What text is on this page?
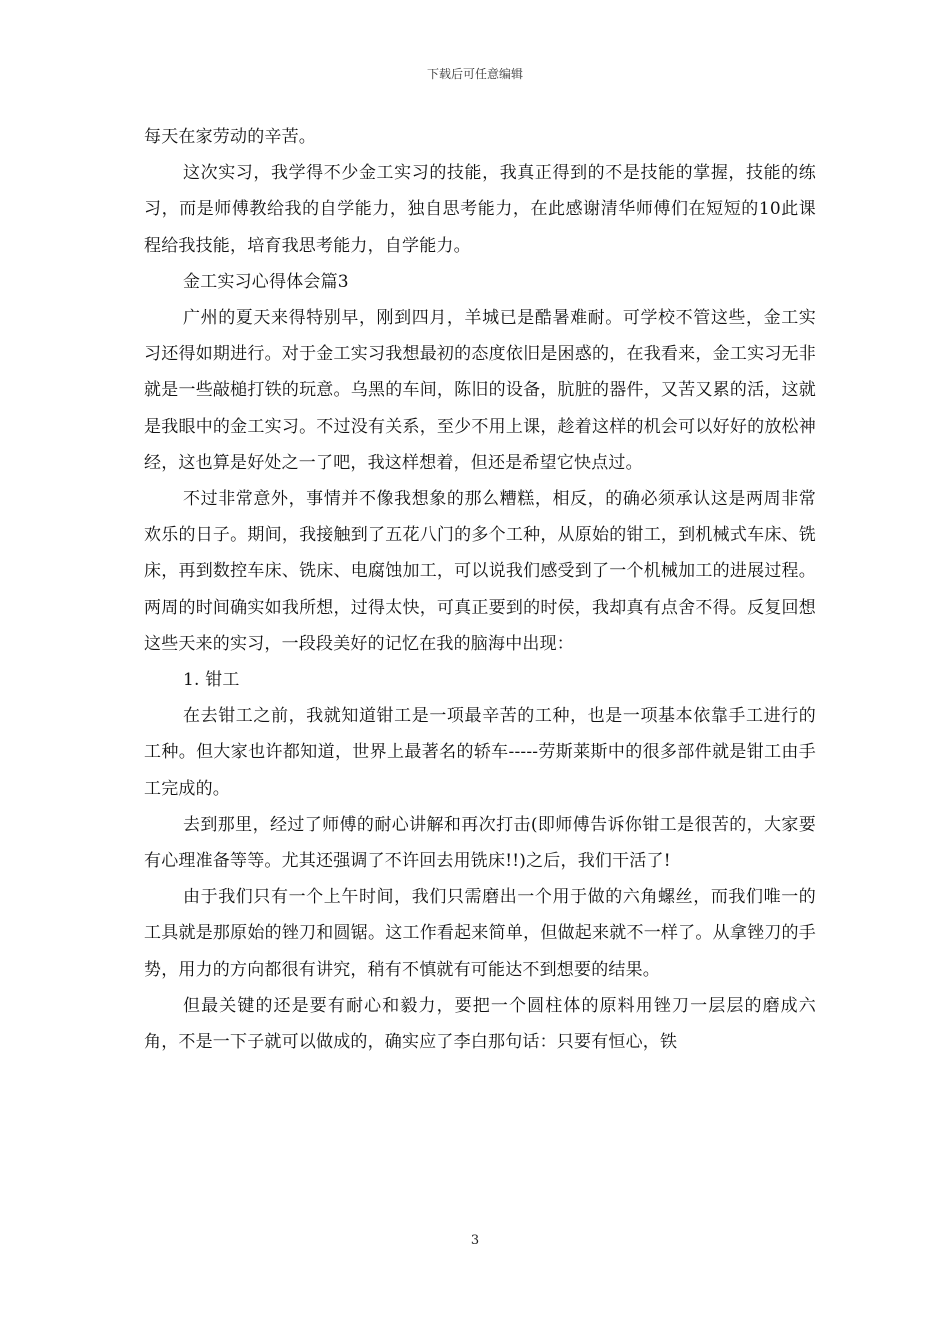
下载后可任意编辑

每天在家劳动的辛苦。

这次实习，我学得不少金工实习的技能，我真正得到的不是技能的掌握，技能的练习，而是师傅教给我的自学能力，独自思考能力，在此感谢清华师傅们在短短的10此课程给我技能，培育我思考能力，自学能力。

金工实习心得体会篇3

广州的夏天来得特别早，刚到四月，羊城已是酷暑难耐。可学校不管这些，金工实习还得如期进行。对于金工实习我想最初的态度依旧是困惑的，在我看来，金工实习无非就是一些敲槌打铁的玩意。乌黑的车间，陈旧的设备，肮脏的器件，又苦又累的活，这就是我眼中的金工实习。不过没有关系，至少不用上课，趁着这样的机会可以好好的放松神经，这也算是好处之一了吧，我这样想着，但还是希望它快点过。

不过非常意外，事情并不像我想象的那么糟糕，相反，的确必须承认这是两周非常欢乐的日子。期间，我接触到了五花八门的多个工种，从原始的钳工，到机械式车床、铣床，再到数控车床、铣床、电腐蚀加工，可以说我们感受到了一个机械加工的进展过程。两周的时间确实如我所想，过得太快，可真正要到的时侯，我却真有点舍不得。反复回想这些天来的实习，一段段美好的记忆在我的脑海中出现：

1. 钳工

在去钳工之前，我就知道钳工是一项最辛苦的工种，也是一项基本依靠手工进行的工种。但大家也许都知道，世界上最著名的轿车-----劳斯莱斯中的很多部件就是钳工由手工完成的。

去到那里，经过了师傅的耐心讲解和再次打击(即师傅告诉你钳工是很苦的，大家要有心理准备等等。尤其还强调了不许回去用铣床!!)之后，我们干活了!

由于我们只有一个上午时间，我们只需磨出一个用于做的六角螺丝，而我们唯一的工具就是那原始的锉刀和圆锯。这工作看起来简单，但做起来就不一样了。从拿锉刀的手势，用力的方向都很有讲究，稍有不慎就有可能达不到想要的结果。

但最关键的还是要有耐心和毅力，要把一个圆柱体的原料用锉刀一层层的磨成六角，不是一下子就可以做成的，确实应了李白那句话：只要有恒心，铁

3
